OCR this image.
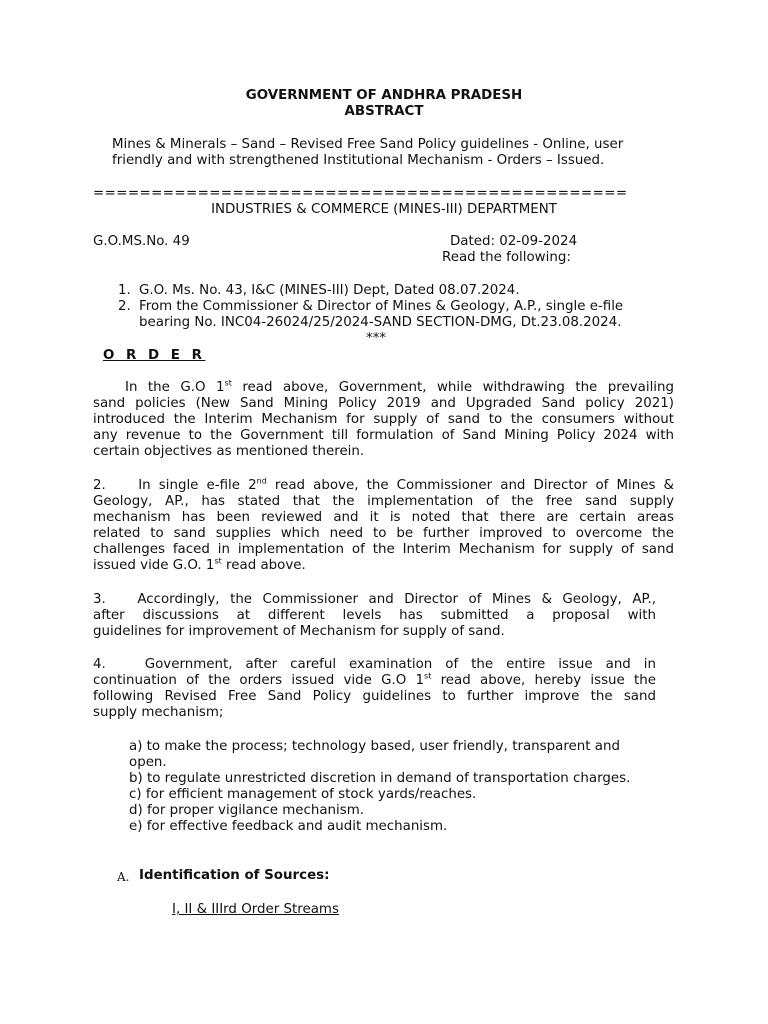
GOVERNMENT OF ANDHRA PRADESH
ABSTRACT
Mines & Minerals – Sand – Revised Free Sand Policy guidelines - Online, user
friendly and with strengthened Institutional Mechanism - Orders – Issued.
==============================================
INDUSTRIES & COMMERCE (MINES-III) DEPARTMENT
G.O.MS.No. 49	Dated: 02-09-2024
Read the following:
1. G.O. Ms. No. 43, I&C (MINES-III) Dept, Dated 08.07.2024.
2. From the Commissioner & Director of Mines & Geology, A.P., single e-file
bearing No. INC04-26024/25/2024-SAND SECTION-DMG, Dt.23.08.2024.
***
O R D E R
In the G.O 1st read above, Government, while withdrawing the prevailing
sand policies (New Sand Mining Policy 2019 and Upgraded Sand policy 2021)
introduced the Interim Mechanism for supply of sand to the consumers without
any revenue to the Government till formulation of Sand Mining Policy 2024 with
certain objectives as mentioned therein.
2.    In single e-file 2nd read above, the Commissioner and Director of Mines &
Geology, AP., has stated that the implementation of the free sand supply
mechanism has been reviewed and it is noted that there are certain areas
related to sand supplies which need to be further improved to overcome the
challenges faced in implementation of the Interim Mechanism for supply of sand
issued vide G.O. 1st read above.
3.   Accordingly, the Commissioner and Director of Mines & Geology, AP.,
after discussions at different levels has submitted a proposal with
guidelines for improvement of Mechanism for supply of sand.
4.   Government, after careful examination of the entire issue and in
continuation of the orders issued vide G.O 1st read above, hereby issue the
following Revised Free Sand Policy guidelines to further improve the sand
supply mechanism;
a) to make the process; technology based, user friendly, transparent and
open.
b) to regulate unrestricted discretion in demand of transportation charges.
c) for efficient management of stock yards/reaches.
d) for proper vigilance mechanism.
e) for effective feedback and audit mechanism.
A. Identification of Sources:
I, II & IIIrd Order Streams
